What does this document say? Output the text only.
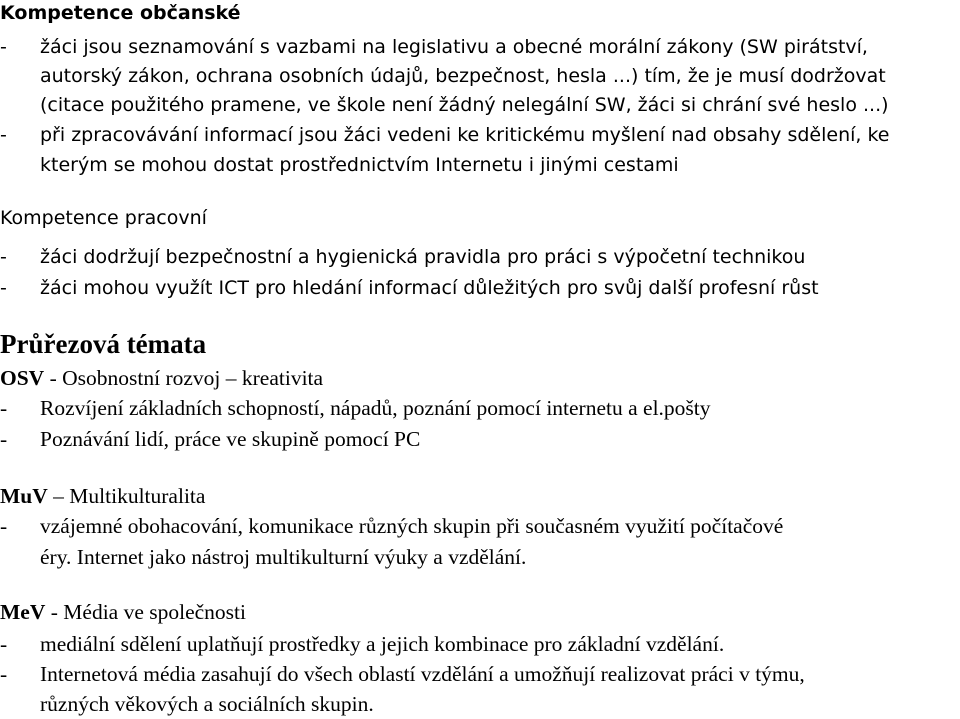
Kompetence občanské
- žáci jsou seznamování s vazbami na legislativu a obecné morální zákony (SW pirátství,
autorský zákon, ochrana osobních údajů, bezpečnost, hesla ...) tím, že je musí dodržovat
(citace použitého pramene, ve škole není žádný nelegální SW, žáci si chrání své heslo ...)
- při zpracovávání informací jsou žáci vedeni ke kritickému myšlení nad obsahy sdělení, ke
kterým se mohou dostat prostřednictvím Internetu i jinými cestami
Kompetence pracovní
- žáci dodržují bezpečnostní a hygienická pravidla pro práci s výpočetní technikou
- žáci mohou využít ICT pro hledání informací důležitých pro svůj další profesní růst
Průřezová témata
OSV - Osobnostní rozvoj – kreativita
- Rozvíjení základních schopností, nápadů, poznání pomocí internetu a el.pošty
- Poznávání lidí, práce ve skupině pomocí PC
MuV – Multikulturalita
- vzájemné obohacování, komunikace různých skupin při současném využití počítačové
éry. Internet jako nástroj multikulturní výuky a vzdělání.
MeV - Média ve společnosti
- mediální sdělení uplatňují prostředky a jejich kombinace pro základní vzdělání.
- Internetová média zasahují do všech oblastí vzdělání a umožňují realizovat práci v týmu,
různých věkových a sociálních skupin.
